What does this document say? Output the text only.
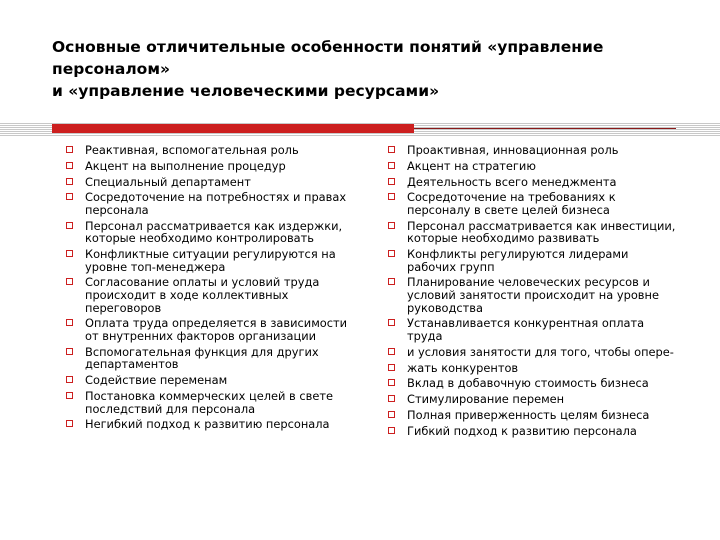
Основные отличительные особенности понятий «управление
персоналом»
и «управление человеческими ресурсами»
Реактивная, вспомогательная роль
Акцент на выполнение процедур
Специальный департамент
Сосредоточение на потребностях и правах персонала
Персонал рассматривается как издержки, которые необходимо контролировать
Конфликтные ситуации регулируются на уровне топ-менеджера
Согласование оплаты и условий труда происходит в ходе коллективных переговоров
Оплата труда определяется в зависимости от внутренних факторов организации
Вспомогательная функция для других департаментов
Содействие переменам
Постановка коммерческих целей в свете последствий для персонала
Негибкий подход к развитию персонала
Проактивная, инновационная роль
Акцент на стратегию
Деятельность всего менеджмента
Сосредоточение на требованиях к персоналу в свете целей бизнеса
Персонал рассматривается как инвестиции, которые необходимо развивать
Конфликты регулируются лидерами рабочих групп
Планирование человеческих ресурсов и условий занятости происходит на уровне руководства
Устанавливается конкурентная оплата труда
и условия занятости для того, чтобы опере-
жать конкурентов
Вклад в добавочную стоимость бизнеса
Стимулирование перемен
Полная приверженность целям бизнеса
Гибкий подход к развитию персонала
